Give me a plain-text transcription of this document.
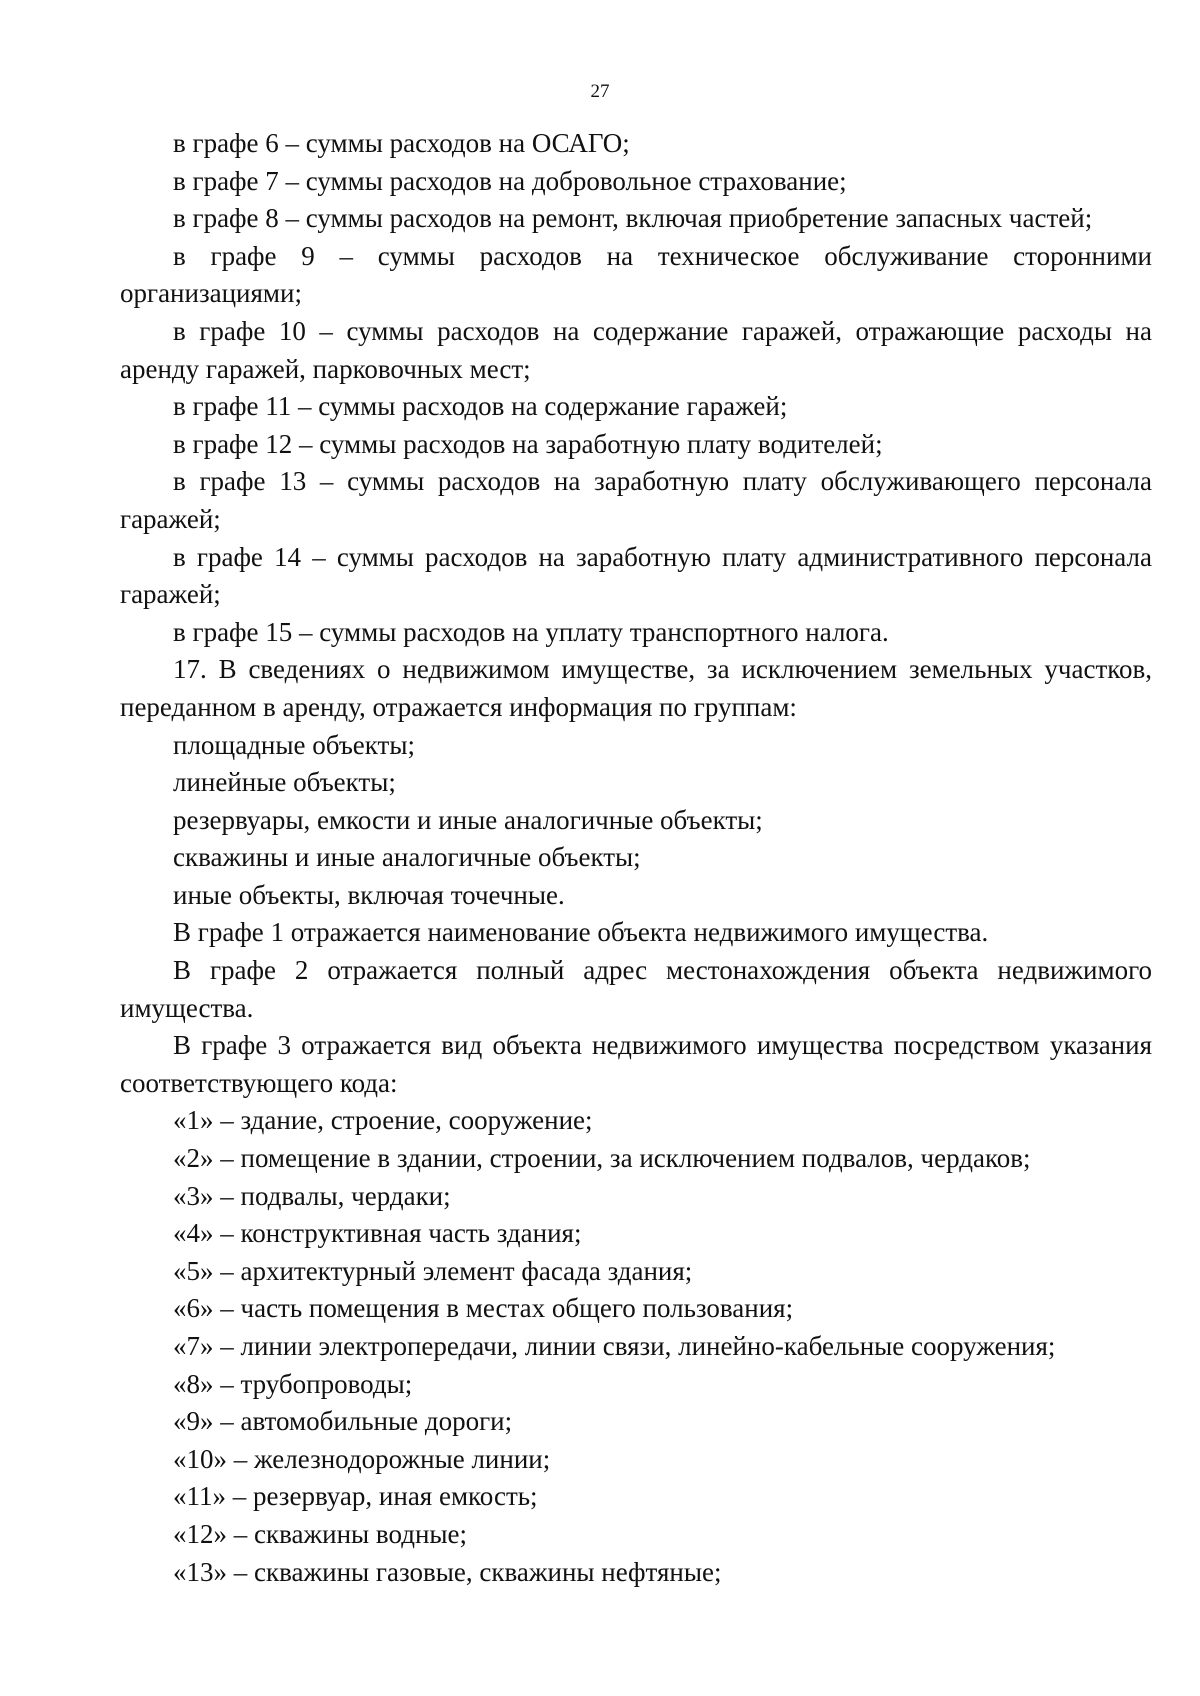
27

в графе 6 – суммы расходов на ОСАГО;

в графе 7 – суммы расходов на добровольное страхование;

в графе 8 – суммы расходов на ремонт, включая приобретение запасных частей;

в графе 9 – суммы расходов на техническое обслуживание сторонними организациями;

в графе 10 – суммы расходов на содержание гаражей, отражающие расходы на аренду гаражей, парковочных мест;

в графе 11 – суммы расходов на содержание гаражей;

в графе 12 – суммы расходов на заработную плату водителей;

в графе 13 – суммы расходов на заработную плату обслуживающего персонала гаражей;

в графе 14 – суммы расходов на заработную плату административного персонала гаражей;

в графе 15 – суммы расходов на уплату транспортного налога.

17. В сведениях о недвижимом имуществе, за исключением земельных участков, переданном в аренду, отражается информация по группам:

площадные объекты;

линейные объекты;

резервуары, емкости и иные аналогичные объекты;

скважины и иные аналогичные объекты;

иные объекты, включая точечные.

В графе 1 отражается наименование объекта недвижимого имущества.

В графе 2 отражается полный адрес местонахождения объекта недвижимого имущества.

В графе 3 отражается вид объекта недвижимого имущества посредством указания соответствующего кода:

«1» – здание, строение, сооружение;

«2» – помещение в здании, строении, за исключением подвалов, чердаков;

«3» – подвалы, чердаки;

«4» – конструктивная часть здания;

«5» – архитектурный элемент фасада здания;

«6» – часть помещения в местах общего пользования;

«7» – линии электропередачи, линии связи, линейно-кабельные сооружения;

«8» – трубопроводы;

«9» – автомобильные дороги;

«10» – железнодорожные линии;

«11» – резервуар, иная емкость;

«12» – скважины водные;

«13» – скважины газовые, скважины нефтяные;
